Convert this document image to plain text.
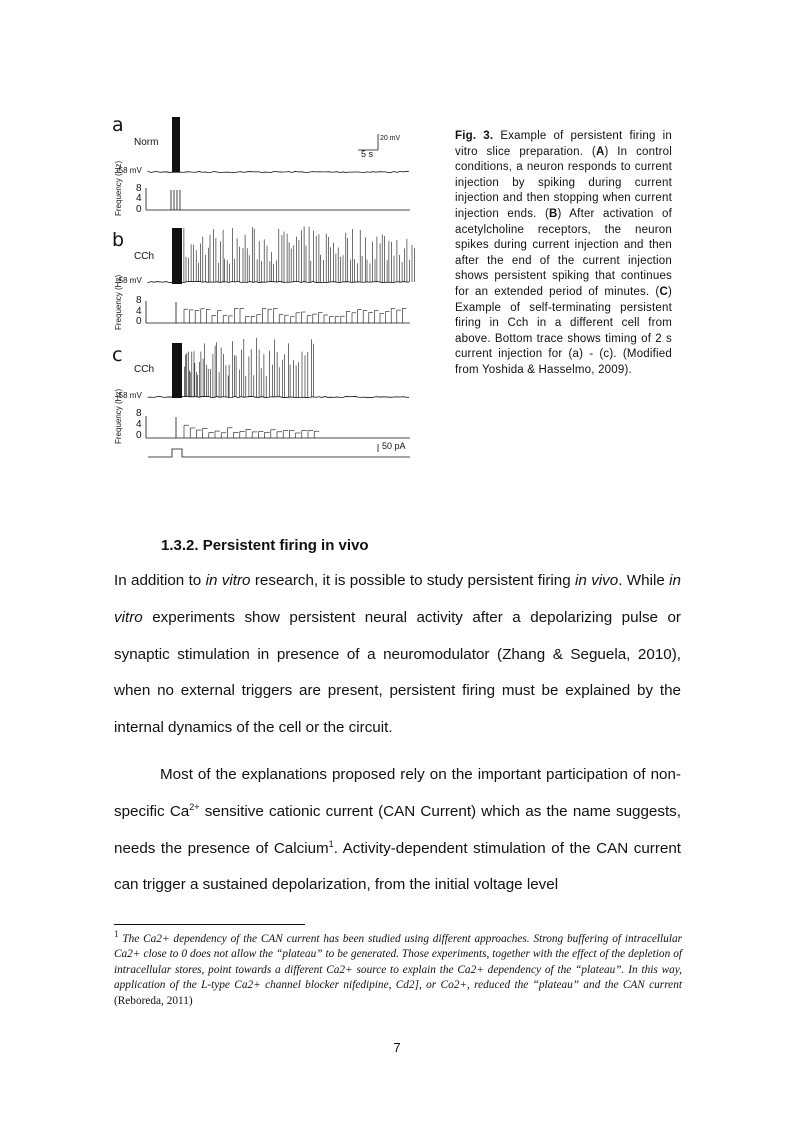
a
Norm
-58 mV
Frequency (Hz) 8
4
0
20 mV
5 s
b
CCh
-58 mV
Frequency (Hz) 8
4
0
c
CCh
-58 mV
Frequency (Hz) 8
4
0
50 pA
Fig. 3. Example of persistent firing in vitro slice preparation. (A) In control conditions, a neuron responds to current injection by spiking during current injection and then stopping when current injection ends. (B) After activation of acetylcholine receptors, the neuron spikes during current injection and then after the end of the current injection shows persistent spiking that continues for an extended period of minutes. (C) Example of self-terminating persistent firing in Cch in a different cell from above. Bottom trace shows timing of 2 s current injection for (a) - (c). (Modified from Yoshida & Hasselmo, 2009).
1.3.2. Persistent firing in vivo
In addition to in vitro research, it is possible to study persistent firing in vivo. While in vitro experiments show persistent neural activity after a depolarizing pulse or synaptic stimulation in presence of a neuromodulator (Zhang & Seguela, 2010), when no external triggers are present, persistent firing must be explained by the internal dynamics of the cell or the circuit.
Most of the explanations proposed rely on the important participation of non-specific $Ca^{2+}$ sensitive cationic current (CAN Current) which as the name suggests, needs the presence of Calcium$^1$. Activity-dependent stimulation of the CAN current can trigger a sustained depolarization, from the initial voltage level
$^1$ The Ca2+ dependency of the CAN current has been studied using different approaches. Strong buffering of intracellular Ca2+ close to 0 does not allow the “plateau” to be generated. Those experiments, together with the effect of the depletion of intracellular stores, point towards a different Ca2+ source to explain the Ca2+ dependency of the “plateau”. In this way, application of the L-type Ca2+ channel blocker nifedipine, Cd2], or Co2+, reduced the “plateau” and the CAN current (Reboreda, 2011)
7
